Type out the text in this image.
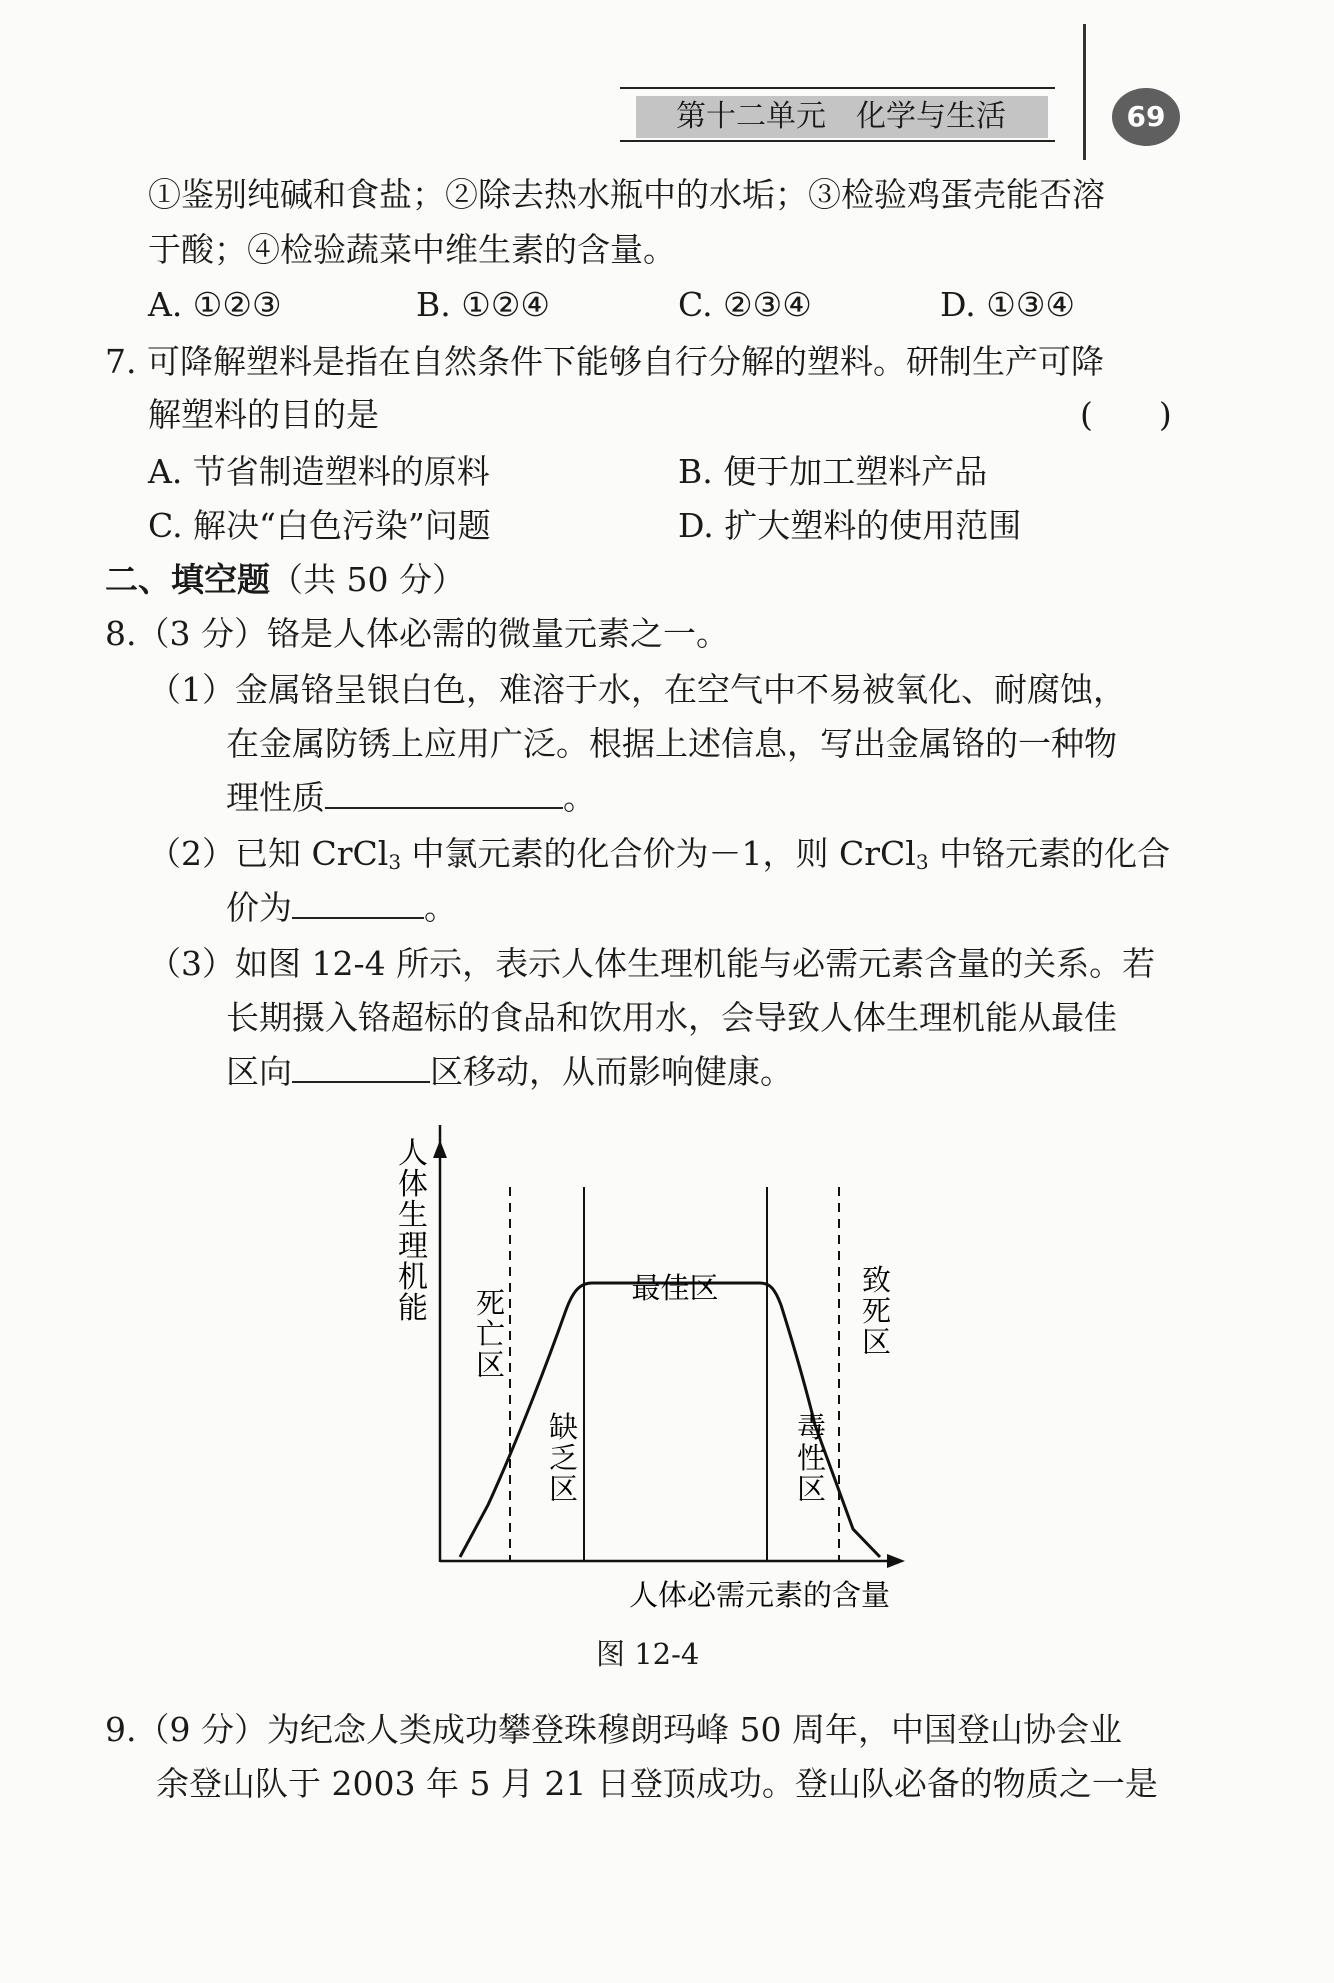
第十二单元　化学与生活	69
①鉴别纯碱和食盐；②除去热水瓶中的水垢；③检验鸡蛋壳能否溶
于酸；④检验蔬菜中维生素的含量。
A. ①②③	B. ①②④	C. ②③④	D. ①③④
7. 可降解塑料是指在自然条件下能够自行分解的塑料。研制生产可降
解塑料的目的是	(　　)
A. 节省制造塑料的原料	B. 便于加工塑料产品
C. 解决“白色污染”问题	D. 扩大塑料的使用范围
二、填空题（共 50 分）
8.（3 分）铬是人体必需的微量元素之一。
（1）金属铬呈银白色，难溶于水，在空气中不易被氧化、耐腐蚀，
在金属防锈上应用广泛。根据上述信息，写出金属铬的一种物
理性质	。
（2）已知 CrCl$_3$ 中氯元素的化合价为－1，则 CrCl$_3$ 中铬元素的化合
价为	。
（3）如图 12-4 所示，表示人体生理机能与必需元素含量的关系。若
长期摄入铬超标的食品和饮用水，会导致人体生理机能从最佳
区向	区移动，从而影响健康。
人体生理机能 死亡区
缺乏区
最佳区
毒性区
致死区
人体必需元素的含量
图 12-4
9.（9 分）为纪念人类成功攀登珠穆朗玛峰 50 周年，中国登山协会业
余登山队于 2003 年 5 月 21 日登顶成功。登山队必备的物质之一是
